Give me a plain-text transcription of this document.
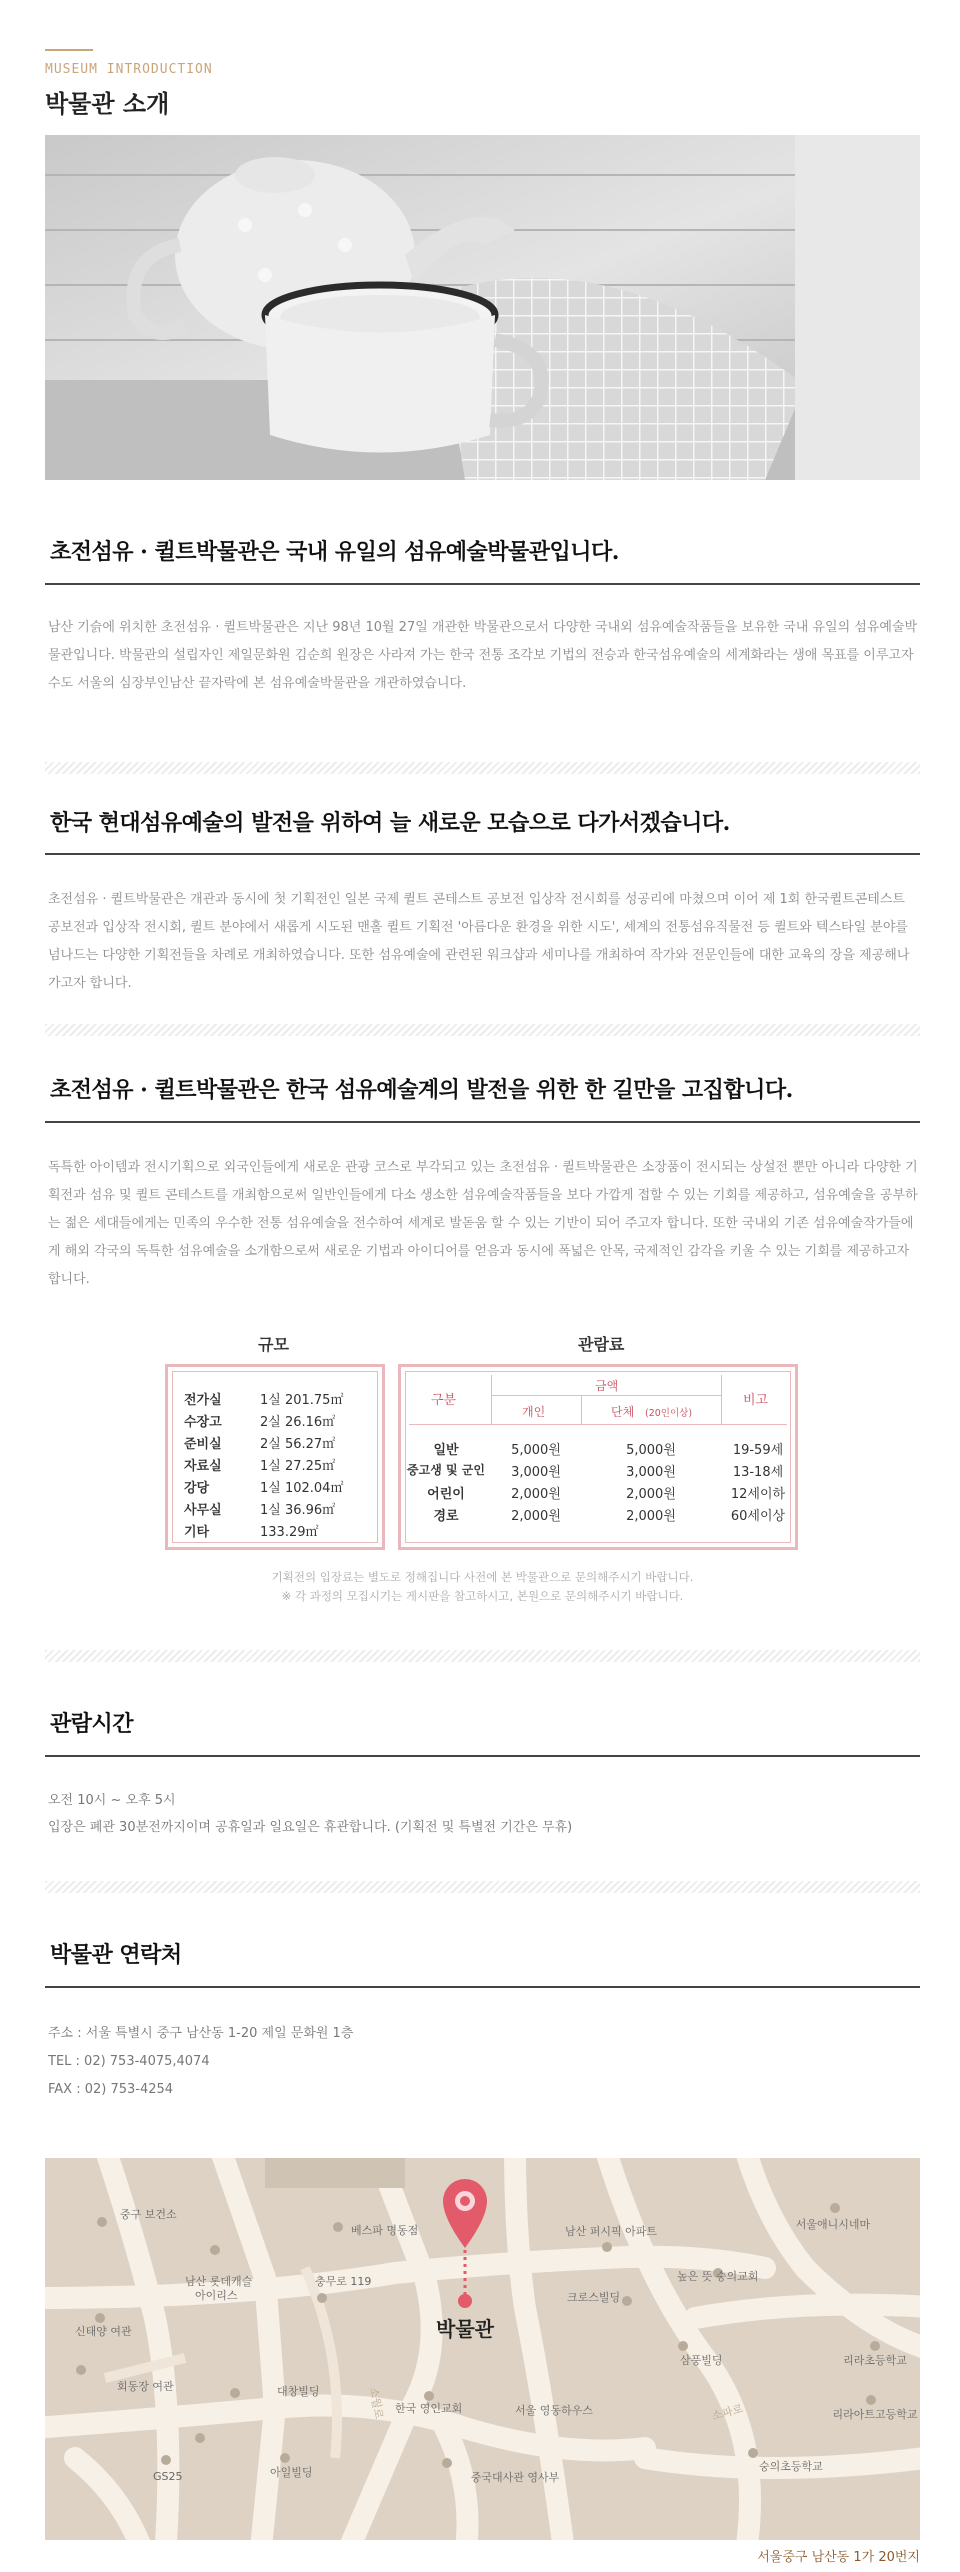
MUSEUM INTRODUCTION
박물관 소개
초전섬유 · 퀼트박물관은 국내 유일의 섬유예술박물관입니다.
남산 기슭에 위치한 초전섬유 · 퀼트박물관은 지난 98년 10월 27일 개관한 박물관으로서 다양한 국내외 섬유예술작품들을 보유한 국내 유일의 섬유예술박물관입니다. 박물관의 설립자인 제일문화원 김순희 원장은 사라져 가는 한국 전통 조각보 기법의 전승과 한국섬유예술의 세계화라는 생애 목표를 이루고자 수도 서울의 심장부인남산 끝자락에 본 섬유예술박물관을 개관하였습니다.
한국 현대섬유예술의 발전을 위하여 늘 새로운 모습으로 다가서겠습니다.
초전섬유 · 퀼트박물관은 개관과 동시에 첫 기획전인 일본 국제 퀼트 콘테스트 공보전 입상작 전시회를 성공리에 마쳤으며 이어 제 1회 한국퀼트콘테스트 공보전과 입상작 전시회, 퀼트 분야에서 새롭게 시도된 맨홀 퀼트 기획전 '아름다운 환경을 위한 시도', 세계의 전통섬유직물전 등 퀼트와 텍스타일 분야를 넘나드는 다양한 기획전들을 차례로 개최하였습니다. 또한 섬유예술에 관련된 워크샵과 세미나를 개최하여 작가와 전문인들에 대한 교육의 장을 제공해나가고자 합니다.
초전섬유 · 퀼트박물관은 한국 섬유예술계의 발전을 위한 한 길만을 고집합니다.
독특한 아이템과 전시기획으로 외국인들에게 새로운 관광 코스로 부각되고 있는 초전섬유 · 퀼트박물관은 소장품이 전시되는 상설전 뿐만 아니라 다양한 기획전과 섬유 및 퀼트 콘테스트를 개최함으로써 일반인들에게 다소 생소한 섬유예술작품들을 보다 가깝게 접할 수 있는 기회를 제공하고, 섬유예술을 공부하는 젊은 세대들에게는 민족의 우수한 전통 섬유예술을 전수하여 세계로 발돋움 할 수 있는 기반이 되어 주고자 합니다. 또한 국내외 기존 섬유예술작가들에게 해외 각국의 독특한 섬유예술을 소개함으로써 새로운 기법과 아이디어를 얻음과 동시에 폭넓은 안목, 국제적인 감각을 키울 수 있는 기회를 제공하고자 합니다.
규모
전가실	1실 201.75㎡
수장고	2실 26.16㎡
준비실	2실 56.27㎡
자료실	1실 27.25㎡
강당	1실 102.04㎡
사무실	1실 36.96㎡
기타	133.29㎡
관람료
구분
금액
개인	단체 (20인이상)
비고
일반	5,000원	5,000원	19-59세
중고생 및 군인	3,000원	3,000원	13-18세
어린이	2,000원	2,000원	12세이하
경로	2,000원	2,000원	60세이상
기획전의 입장료는 별도로 정해집니다 사전에 본 박물관으로 문의해주시기 바랍니다.
※ 각 과정의 모집시기는 게시판을 참고하시고, 본원으로 문의해주시기 바랍니다.
관람시간
오전 10시 ~ 오후 5시
입장은 폐관 30분전까지이며 공휴일과 일요일은 휴관합니다. (기획전 및 특별전 기간은 무휴)
박물관 연락처
주소 : 서울 특별시 중구 남산동 1-20 제일 문화원 1층
TEL : 02) 753-4075,4074
FAX : 02) 753-4254
중구 보건소
베스파 명동점	남산 퍼시픽 아파트
서울애니시네마
남산 롯데캐슬
아이리스
충무로 119
크로스빌딩
높은 뜻 숭의교회
신태양 여관
삼풍빌딩	리라초등학교
회동장 여관	대창빌딩
한국 영인교회	서울 영동하우스	리라아트고등학교
아일빌딩
GS25	중국대사관 영사부
숭의초등학교
소월로	소파로
박물관
서울중구 남산동 1가 20번지
